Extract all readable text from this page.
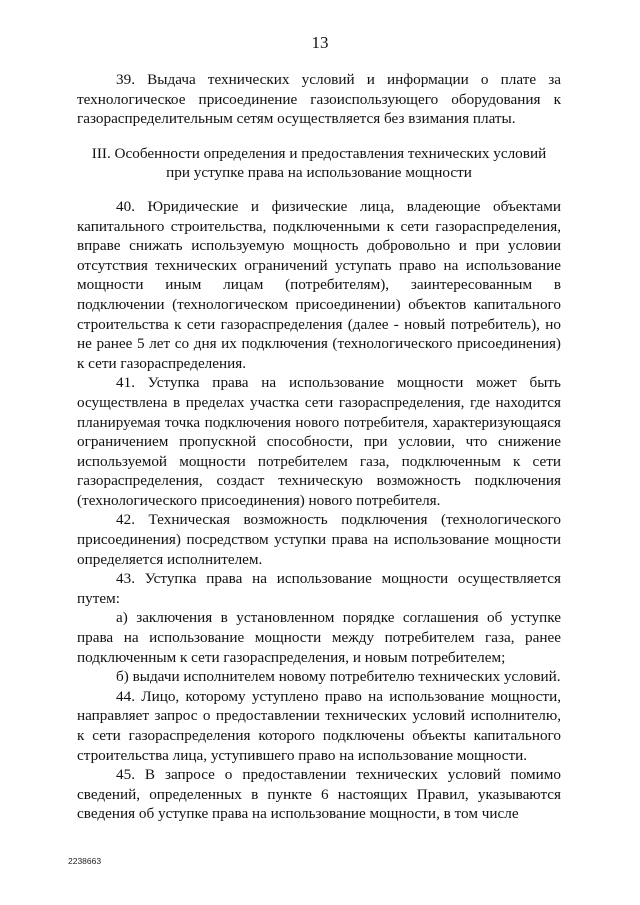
13

39. Выдача технических условий и информации о плате за технологическое присоединение газоиспользующего оборудования к газораспределительным сетям осуществляется без взимания платы.

III. Особенности определения и предоставления технических условий
при уступке права на использование мощности

40. Юридические и физические лица, владеющие объектами капитального строительства, подключенными к сети газораспределения, вправе снижать используемую мощность добровольно и при условии отсутствия технических ограничений уступать право на использование мощности иным лицам (потребителям), заинтересованным в подключении (технологическом присоединении) объектов капитального строительства к сети газораспределения (далее - новый потребитель), но не ранее 5 лет со дня их подключения (технологического присоединения) к сети газораспределения.

41. Уступка права на использование мощности может быть осуществлена в пределах участка сети газораспределения, где находится планируемая точка подключения нового потребителя, характеризующаяся ограничением пропускной способности, при условии, что снижение используемой мощности потребителем газа, подключенным к сети газораспределения, создаст техническую возможность подключения (технологического присоединения) нового потребителя.

42. Техническая возможность подключения (технологического присоединения) посредством уступки права на использование мощности определяется исполнителем.

43. Уступка права на использование мощности осуществляется путем:

а) заключения в установленном порядке соглашения об уступке права на использование мощности между потребителем газа, ранее подключенным к сети газораспределения, и новым потребителем;

б) выдачи исполнителем новому потребителю технических условий.

44. Лицо, которому уступлено право на использование мощности, направляет запрос о предоставлении технических условий исполнителю, к сети газораспределения которого подключены объекты капитального строительства лица, уступившего право на использование мощности.

45. В запросе о предоставлении технических условий помимо сведений, определенных в пункте 6 настоящих Правил, указываются сведения об уступке права на использование мощности, в том числе

2238663
